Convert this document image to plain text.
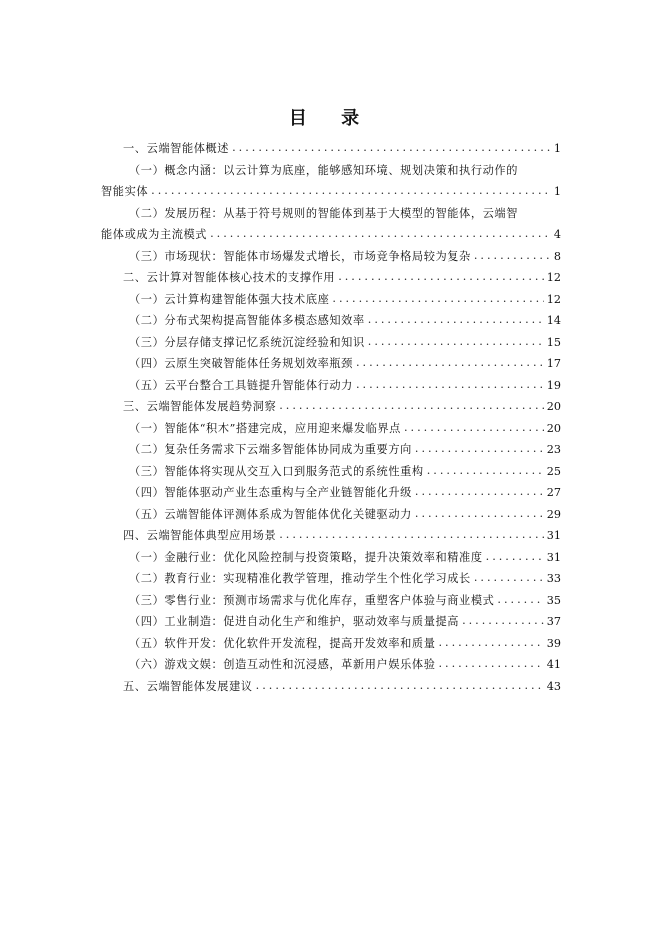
目 录
一、云端智能体概述 .....	1
（一）概念内涵：以云计算为底座，能够感知环境、规划决策和执行动作的
智能实体 .....	1
（二）发展历程：从基于符号规则的智能体到基于大模型的智能体，云端智
能体或成为主流模式 .....	4
（三）市场现状：智能体市场爆发式增长，市场竞争格局较为复杂 .....	8
二、云计算对智能体核心技术的支撑作用 .....	12
（一）云计算构建智能体强大技术底座 .....	12
（二）分布式架构提高智能体多模态感知效率 .....	14
（三）分层存储支撑记忆系统沉淀经验和知识 .....	15
（四）云原生突破智能体任务规划效率瓶颈 .....	17
（五）云平台整合工具链提升智能体行动力 .....	19
三、云端智能体发展趋势洞察 .....	20
（一）智能体“积木”搭建完成，应用迎来爆发临界点 .....	20
（二）复杂任务需求下云端多智能体协同成为重要方向 .....	23
（三）智能体将实现从交互入口到服务范式的系统性重构 .....	25
（四）智能体驱动产业生态重构与全产业链智能化升级 .....	27
（五）云端智能体评测体系成为智能体优化关键驱动力 .....	29
四、云端智能体典型应用场景 .....	31
（一）金融行业：优化风险控制与投资策略，提升决策效率和精准度 .....	31
（二）教育行业：实现精准化教学管理，推动学生个性化学习成长 .....	33
（三）零售行业：预测市场需求与优化库存，重塑客户体验与商业模式 .....	35
（四）工业制造：促进自动化生产和维护，驱动效率与质量提高 .....	37
（五）软件开发：优化软件开发流程，提高开发效率和质量 .....	39
（六）游戏文娱：创造互动性和沉浸感，革新用户娱乐体验 .....	41
五、云端智能体发展建议 .....	43
